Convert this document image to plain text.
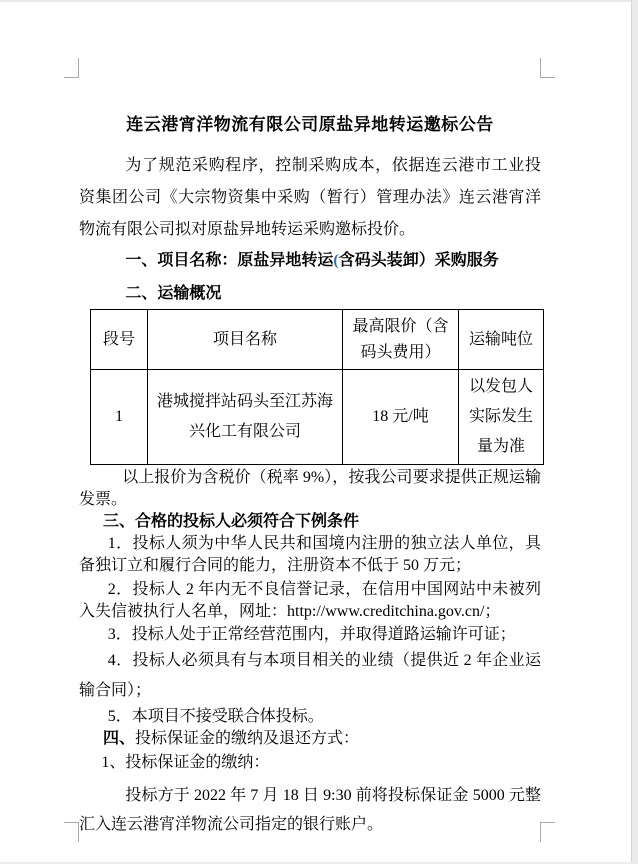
连云港宵洋物流有限公司原盐异地转运邀标公告
为了规范采购程序，控制采购成本，依据连云港市工业投资集团公司《大宗物资集中采购（暂行）管理办法》连云港宵洋物流有限公司拟对原盐异地转运采购邀标投价。
一、项目名称：原盐异地转运(含码头装卸）采购服务
二、运输概况
段号	项目名称	最高限价（含码头费用）	运输吨位
1	港城搅拌站码头至江苏海兴化工有限公司	18 元/吨	以发包人实际发生量为准
以上报价为含税价（税率 9%），按我公司要求提供正规运输发票。
三、合格的投标人必须符合下例条件
1．投标人须为中华人民共和国境内注册的独立法人单位，具备独订立和履行合同的能力，注册资本不低于 50 万元；
2．投标人 2 年内无不良信誉记录，在信用中国网站中未被列入失信被执行人名单，网址：http://www.creditchina.gov.cn/；
3．投标人处于正常经营范围内，并取得道路运输许可证；
4．投标人必须具有与本项目相关的业绩（提供近 2 年企业运输合同）；
5．本项目不接受联合体投标。
四、投标保证金的缴纳及退还方式：
1、投标保证金的缴纳：
投标方于 2022 年 7 月 18 日 9:30 前将投标保证金 5000 元整汇入连云港宵洋物流公司指定的银行账户。
